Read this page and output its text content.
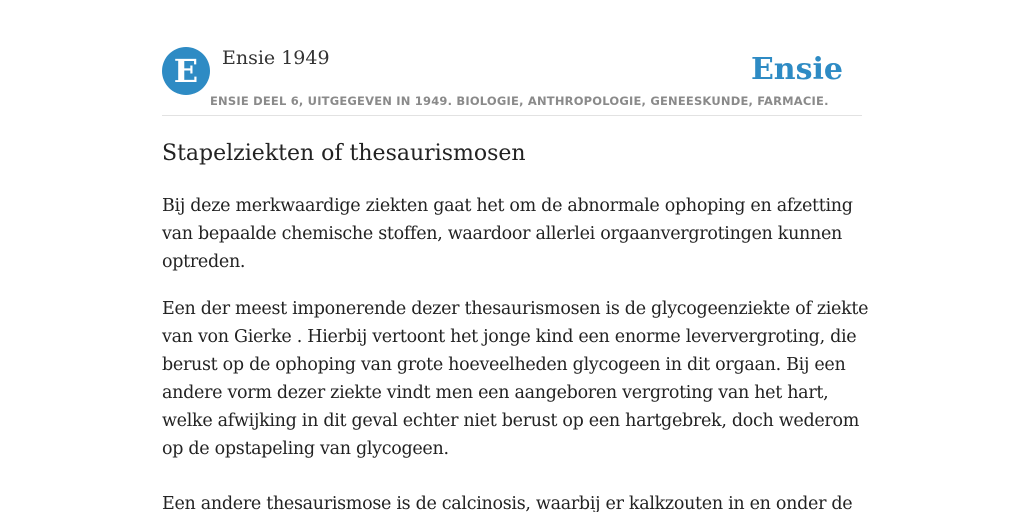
E	Ensie 1949	Ensie
ENSIE DEEL 6, UITGEGEVEN IN 1949. BIOLOGIE, ANTHROPOLOGIE, GENEESKUNDE, FARMACIE.
Stapelziekten of thesaurismosen

Bij deze merkwaardige ziekten gaat het om de abnormale ophoping en afzetting
van bepaalde chemische stoffen, waardoor allerlei orgaanvergrotingen kunnen
optreden.

Een der meest imponerende dezer thesaurismosen is de glycogeenziekte of ziekte
van von Gierke . Hierbij vertoont het jonge kind een enorme leververgroting, die
berust op de ophoping van grote hoeveelheden glycogeen in dit orgaan. Bij een
andere vorm dezer ziekte vindt men een aangeboren vergroting van het hart,
welke afwijking in dit geval echter niet berust op een hartgebrek, doch wederom
op de opstapeling van glycogeen.

Een andere thesaurismose is de calcinosis, waarbij er kalkzouten in en onder de
